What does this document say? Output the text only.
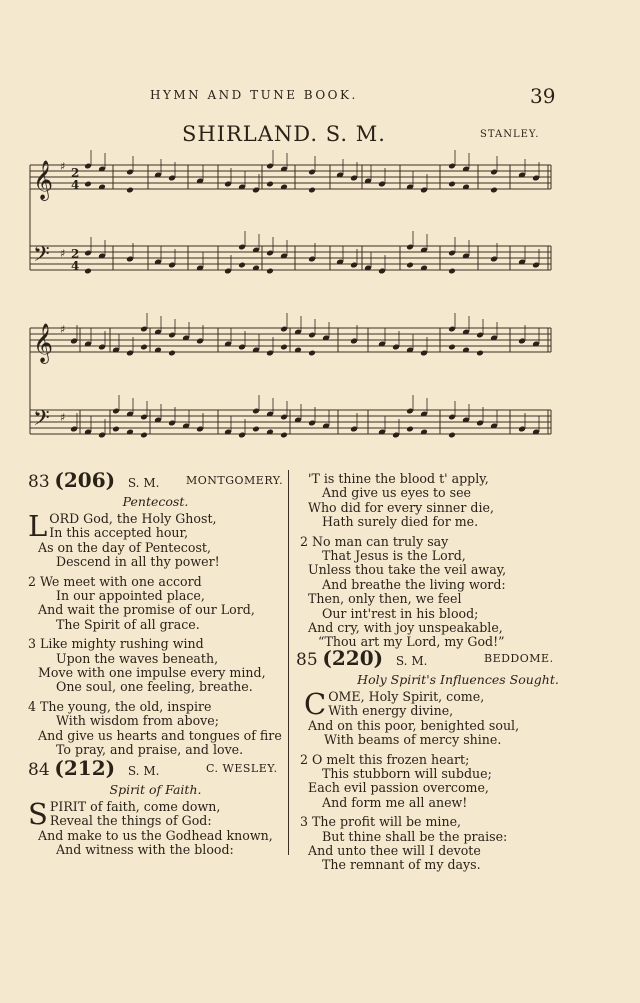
HYMN AND TUNE BOOK.	39
SHIRLAND. S. M.	STANLEY.
𝄞 ♯ 2
4
𝄢 ♯ 2
4
𝄞 ♯
𝄢 ♯
83 (206) S. M. MONTGOMERY.
Pentecost.
L ORD God, the Holy Ghost,
In this accepted hour,
As on the day of Pentecost,
Descend in all thy power!
2 We meet with one accord
In our appointed place,
And wait the promise of our Lord,
The Spirit of all grace.
3 Like mighty rushing wind
Upon the waves beneath,
Move with one impulse every mind,
One soul, one feeling, breathe.
4 The young, the old, inspire
With wisdom from above;
And give us hearts and tongues of fire
To pray, and praise, and love.
84 (212) S. M.	C. WESLEY.
Spirit of Faith.
S PIRIT of faith, come down,
Reveal the things of God:
And make to us the Godhead known,
And witness with the blood:
'T is thine the blood t' apply,
And give us eyes to see
Who did for every sinner die,
Hath surely died for me.
2 No man can truly say
That Jesus is the Lord,
Unless thou take the veil away,
And breathe the living word:
Then, only then, we feel
Our int'rest in his blood;
And cry, with joy unspeakable,
“Thou art my Lord, my God!”
85 (220) S. M.	BEDDOME.
Holy Spirit's Influences Sought.
C OME, Holy Spirit, come,
With energy divine,
And on this poor, benighted soul,
With beams of mercy shine.
2 O melt this frozen heart;
This stubborn will subdue;
Each evil passion overcome,
And form me all anew!
3 The profit will be mine,
But thine shall be the praise:
And unto thee will I devote
The remnant of my days.
